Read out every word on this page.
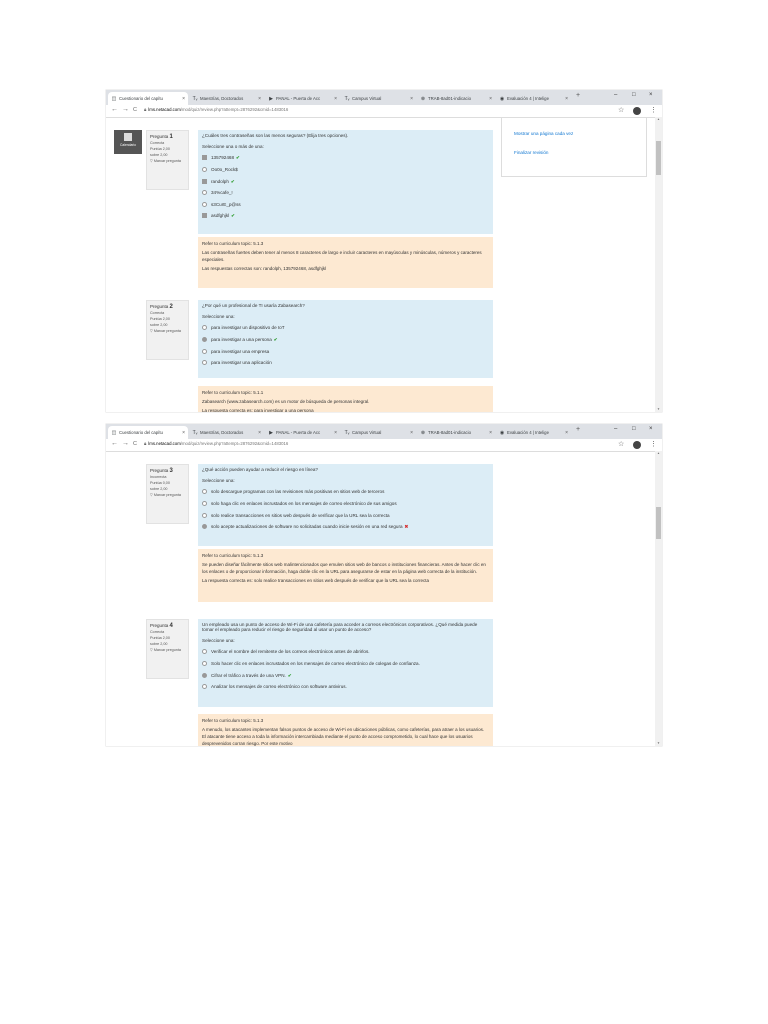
◫ Cuestionario del capítu	× Tᵥ Maestrías, Doctorados	× ▶ PANAL - Puerta de Acc	× Tᵥ Campus Virtual	× ⊗ TRAB-8ad01-indicacio	× ◉ Evaluación 4 | Intelige	× +	– □ ×
← → C 🔒︎ lms.netacad.com/mod/quiz/review.php?attempt=2876292&cmid=1483016	☆	⋮
Calendario
Pregunta 1
Correcta
Puntúa 2,00
sobre 2,00
▽ Marcar pregunta
¿Cuáles tres contraseñas son las menos seguras? (Elija tres opciones).
Seleccione una o más de una:
135792468 ✔
Oo0o_Rock$
randolph ✔
34%cafe_!
s3CurE_p@ss
asdfghjkl ✔

Refer to curriculum topic: 5.1.3

Las contraseñas fuertes deben tener al menos 8 caracteres de largo e incluir caracteres en mayúsculas y minúsculas, números y caracteres especiales.

Las respuestas correctas son: randolph, 135792468, asdfghjkl

Pregunta 2
Correcta
Puntúa 2,00
sobre 2,00
▽ Marcar pregunta
¿Por qué un profesional de TI usaría Zabasearch?
Seleccione una:
para investigar un dispositivo de IoT
para investigar a una persona ✔
para investigar una empresa
para investigar una aplicación

Refer to curriculum topic: 5.1.1

Zabasearch (www.zabasearch.com) es un motor de búsqueda de personas integral.

La respuesta correcta es: para investigar a una persona

Mostrar una página cada vez
Finalizar revisión
▲
▼
◫ Cuestionario del capítu	× Tᵥ Maestrías, Doctorados	× ▶ PANAL - Puerta de Acc	× Tᵥ Campus Virtual	× ⊗ TRAB-8ad01-indicacio	× ◉ Evaluación 4 | Intelige	× +	– □ ×
← → C 🔒︎ lms.netacad.com/mod/quiz/review.php?attempt=2876292&cmid=1483016	☆	⋮
Pregunta 3
Incorrecta
Puntúa 0,00
sobre 2,00
▽ Marcar pregunta
¿Qué acción pueden ayudar a reducir el riesgo en línea?
Seleccione una:
solo descargue programas con las revisiones más positivas en sitios web de terceros
solo haga clic en enlaces incrustados en los mensajes de correo electrónico de sus amigos
solo realice transacciones en sitios web después de verificar que la URL sea la correcta
solo acepte actualizaciones de software no solicitadas cuando inicie sesión en una red segura ✖

Refer to curriculum topic: 5.1.3

Se pueden diseñar fácilmente sitios web malintencionados que emulen sitios web de bancos o instituciones financieras. Antes de hacer clic en los enlaces o de proporcionar información, haga doble clic en la URL para asegurarse de estar en la página web correcta de la institución.

La respuesta correcta es: solo realice transacciones en sitios web después de verificar que la URL sea la correcta

Pregunta 4
Correcta
Puntúa 2,00
sobre 2,00
▽ Marcar pregunta
Un empleado usa un punto de acceso de Wi-Fi de una cafetería para acceder a correos electrónicos corporativos. ¿Qué medida puede tomar el empleado para reducir el riesgo de seguridad al usar un punto de acceso?
Seleccione una:
Verificar el nombre del remitente de los correos electrónicos antes de abrirlos.
Solo hacer clic en enlaces incrustados en los mensajes de correo electrónico de colegas de confianza.
Cifrar el tráfico a través de una VPN. ✔
Analizar los mensajes de correo electrónico con software antivirus.

Refer to curriculum topic: 5.1.3

A menudo, los atacantes implementan falsos puntos de acceso de Wi-Fi en ubicaciones públicas, como cafeterías, para atraer a los usuarios. El atacante tiene acceso a toda la información intercambiada mediante el punto de acceso comprometido, lo cual hace que los usuarios desprevenidos corran riesgo. Por este motivo

▲
▼
